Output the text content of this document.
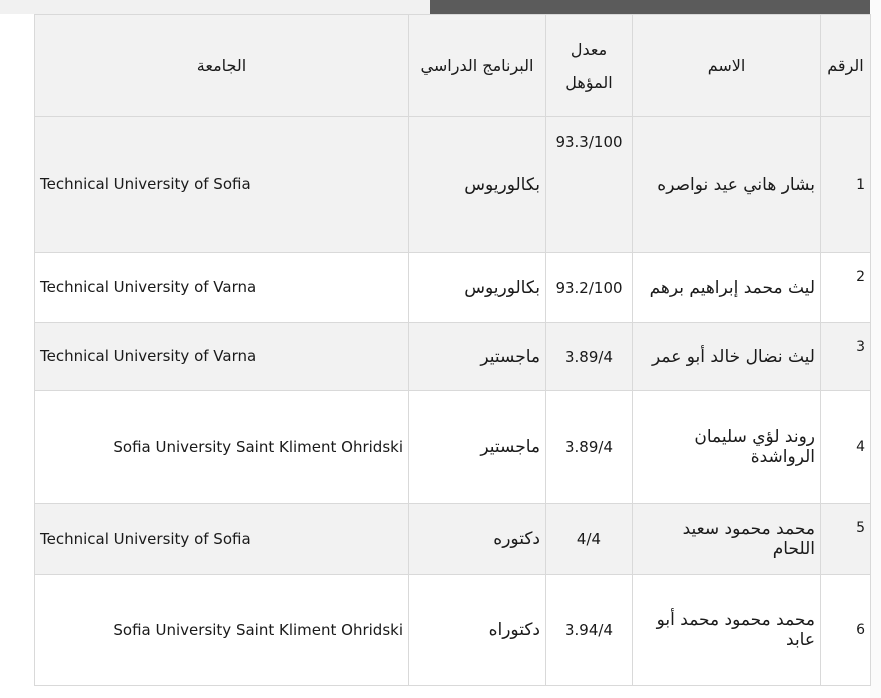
الرقم	الاسم	معدل المؤهل	البرنامج الدراسي	الجامعة
1	بشار هاني عيد نواصره	93.3/100	بكالوريوس	Technical University of Sofia
2	ليث محمد إبراهيم برهم	93.2/100	بكالوريوس	Technical University of Varna
3	ليث نضال خالد أبو عمر	3.89/4	ماجستير	Technical University of Varna
4	روند لؤي سليمان الرواشدة	3.89/4	ماجستير	Sofia University Saint Kliment Ohridski
5	محمد محمود سعيد اللحام	4/4	دكتوره	Technical University of Sofia
6	محمد محمود محمد أبو عابد	3.94/4	دكتوراه	Sofia University Saint Kliment Ohridski
